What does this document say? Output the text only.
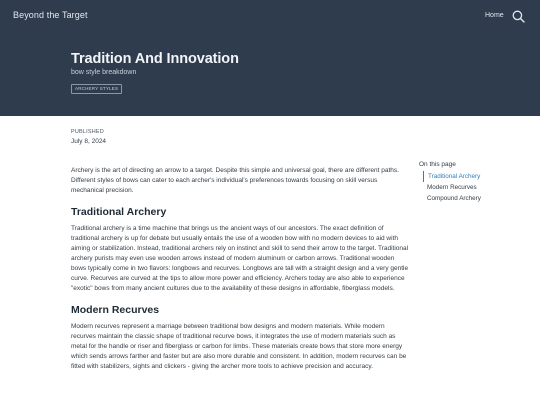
Beyond the Target	Home
Tradition And Innovation
bow style breakdown
ARCHERY STYLES
PUBLISHED
July 8, 2024

Archery is the art of directing an arrow to a target. Despite this simple and universal goal, there are different paths. Different styles of bows can cater to each archer's individual's preferences towards focusing on skill versus mechanical precision.

Traditional Archery

Traditional archery is a time machine that brings us the ancient ways of our ancestors. The exact definition of traditional archery is up for debate but usually entails the use of a wooden bow with no modern devices to aid with aiming or stabilization. Instead, traditional archers rely on instinct and skill to send their arrow to the target. Traditional archery purists may even use wooden arrows instead of modern aluminum or carbon arrows. Traditional wooden bows typically come in two flavors: longbows and recurves. Longbows are tall with a straight design and a very gentle curve. Recurves are curved at the tips to allow more power and efficiency. Archers today are also able to experience "exotic" bows from many ancient cultures due to the availability of these designs in affordable, fiberglass models.

Modern Recurves

Modern recurves represent a marriage between traditional bow designs and modern materials. While modern recurves maintain the classic shape of traditional recurve bows, it integrates the use of modern materials such as metal for the handle or riser and fiberglass or carbon for limbs. These materials create bows that store more energy which sends arrows farther and faster but are also more durable and consistent. In addition, modern recurves can be fitted with stabilizers, sights and clickers - giving the archer more tools to achieve precision and accuracy.

On this page
Traditional Archery
Modern Recurves
Compound Archery
